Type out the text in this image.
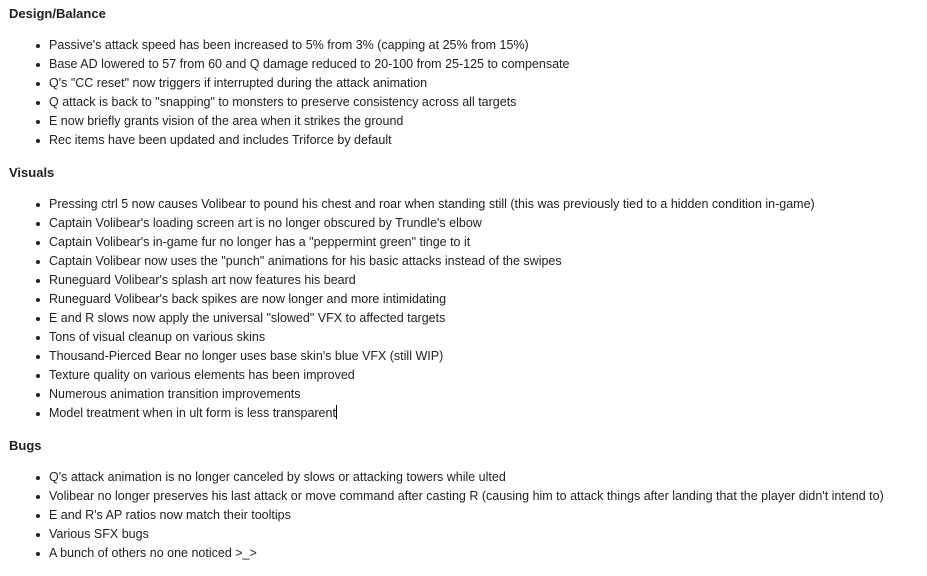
Design/Balance
Passive's attack speed has been increased to 5% from 3% (capping at 25% from 15%)
Base AD lowered to 57 from 60 and Q damage reduced to 20-100 from 25-125 to compensate
Q's "CC reset" now triggers if interrupted during the attack animation
Q attack is back to "snapping" to monsters to preserve consistency across all targets
E now briefly grants vision of the area when it strikes the ground
Rec items have been updated and includes Triforce by default
Visuals
Pressing ctrl 5 now causes Volibear to pound his chest and roar when standing still (this was previously tied to a hidden condition in-game)
Captain Volibear's loading screen art is no longer obscured by Trundle's elbow
Captain Volibear's in-game fur no longer has a "peppermint green" tinge to it
Captain Volibear now uses the "punch" animations for his basic attacks instead of the swipes
Runeguard Volibear's splash art now features his beard
Runeguard Volibear's back spikes are now longer and more intimidating
E and R slows now apply the universal "slowed" VFX to affected targets
Tons of visual cleanup on various skins
Thousand-Pierced Bear no longer uses base skin's blue VFX (still WIP)
Texture quality on various elements has been improved
Numerous animation transition improvements
Model treatment when in ult form is less transparent
Bugs
Q's attack animation is no longer canceled by slows or attacking towers while ulted
Volibear no longer preserves his last attack or move command after casting R (causing him to attack things after landing that the player didn't intend to)
E and R's AP ratios now match their tooltips
Various SFX bugs
A bunch of others no one noticed >_>
